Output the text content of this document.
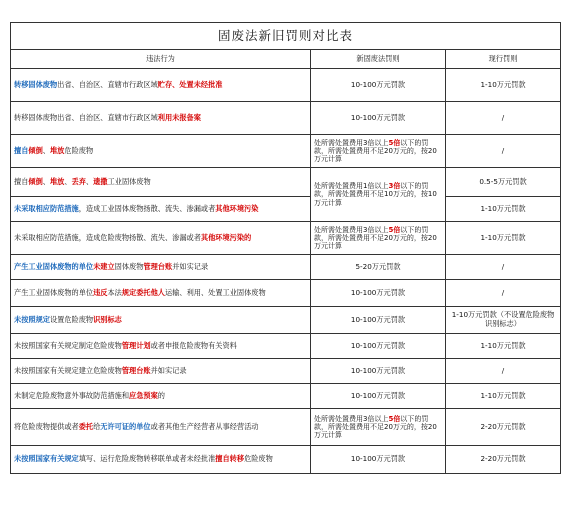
固废法新旧罚则对比表		
违法行为	新固废法罚则	现行罚则
转移固体废物出省、自治区、直辖市行政区域贮存、处置未经批准	10-100万元罚款	1-10万元罚款
转移固体废物出省、自治区、直辖市行政区域利用未报备案	10-100万元罚款	/
擅自倾倒、堆放危险废物	处所需处置费用3倍以上5倍以下的罚款，所需处置费用不足20万元的，按20万元计算	/
擅自倾倒、堆放、丢弃、遗撒工业固体废物	处所需处置费用1倍以上3倍以下的罚款，所需处置费用不足10万元的，按10万元计算	0.5-5万元罚款
未采取相应防范措施，造成工业固体废物扬散、流失、渗漏或者其他环境污染		1-10万元罚款
未采取相应防范措施，造成危险废物扬散、流失、渗漏或者其他环境污染的	处所需处置费用3倍以上5倍以下的罚款，所需处置费用不足20万元的，按20万元计算	1-10万元罚款
产生工业固体废物的单位未建立固体废物管理台账并如实记录	5-20万元罚款	/
产生工业固体废物的单位违反本法规定委托他人运输、利用、处置工业固体废物	10-100万元罚款	/
未按照规定设置危险废物识别标志	10-100万元罚款	1-10万元罚款（不设置危险废物识别标志）
未按照国家有关规定制定危险废物管理计划或者申报危险废物有关资料	10-100万元罚款	1-10万元罚款
未按照国家有关规定建立危险废物管理台账并如实记录	10-100万元罚款	/
未制定危险废物意外事故防范措施和应急预案的	10-100万元罚款	1-10万元罚款
将危险废物提供或者委托给无许可证的单位或者其他生产经营者从事经营活动	处所需处置费用3倍以上5倍以下的罚款，所需处置费用不足20万元的，按20万元计算	2-20万元罚款
未按照国家有关规定填写、运行危险废物转移联单或者未经批准擅自转移危险废物	10-100万元罚款	2-20万元罚款
